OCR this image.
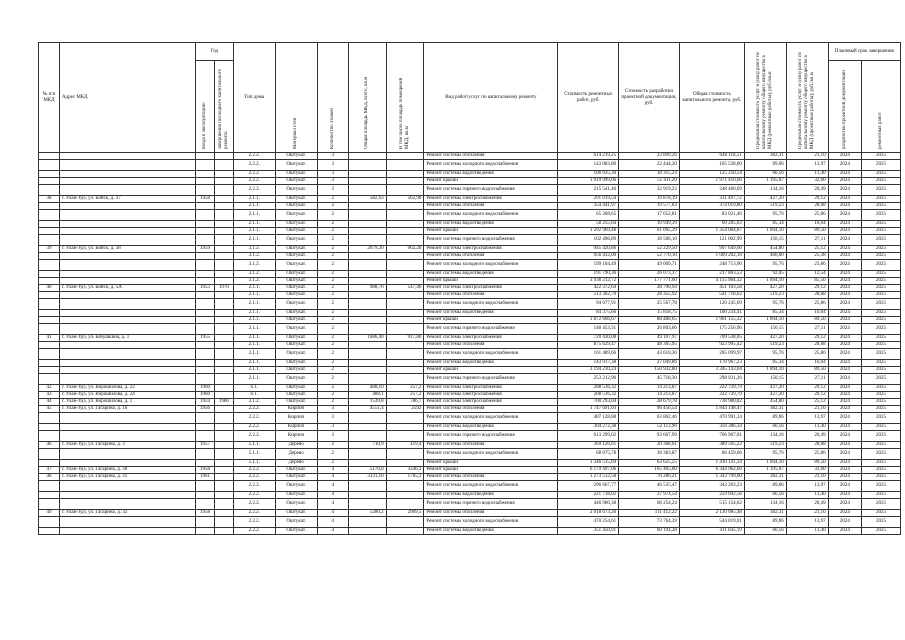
№ п/п МКД	Адрес МКД	Год		Тип дома	Материал стен	Количество этажей	Общая площадь МКД, всего, кв.м	В том числе площадь помещений МКД, кв.м	Вид работ/услуг по капитальному ремонту	Стоимость ремонтных работ, руб.	Стоимость разработки проектной документации, руб.	Общая стоимость капитального ремонта, руб.	Предельная стоимость услуг и (или) работ по капитальному ремонту общего имущества в МКД (ремонтные работы), руб./кв.м	Предельная стоимость услуг и (или) работ по капитальному ремонту общего имущества в МКД (проектные работы), руб./кв.м	Плановый срок завершения	

		ввода в эксплуатацию	завершения последнего капитального ремонта												разработки проектной документации	ремонтных работ

				2.2.2.	Оштукат.	3			Ремонт системы отопления	614 219,25	33 899,26	648 118,51	382,31	21,10	2024	2025
				2.2.2.	Оштукат.	3			Ремонт системы холодного водоснабжения	143 083,80	22 444,20	165 528,00	89,06	13,97	2024	2025
				2.2.2.	Оштукат.	3			Ремонт системы водоотведения	106 935,30	18 315,24	125 250,54	66,56	11,40	2024	2025
				2.2.2.	Оштукат.	3			Ремонт крыши	1 919 999,06	51 411,20	1 971 410,66	1 195,07	32,00	2024	2025
				2.2.2.	Оштукат.	3			Ремонт системы горячего водоснабжения	215 541,46	32 919,23	248 460,69	134,16	20,49	2024	2025
38	г. Улан-Удэ, ул. Бийск, д. 37	1958		2.1.1.	Оштукат.	2	582,63	562,90	Ремонт системы электроснабжения	291 019,54	19 878,19	311 497,72	427,20	29,12	2024	2025
				2.1.1.	Оштукат.	2			Ремонт системы отопления	354 441,97	19 577,83	374 019,80	519,23	28,68	2024	2025
				2.1.1.	Оштукат.	2			Ремонт системы холодного водоснабжения	65 368,65	17 652,81	83 021,46	95,76	25,86	2024	2025
				2.1.1.	Оштукат.	2			Ремонт системы водоотведения	58 255,64	10 949,39	69 205,03	85,34	16,04	2024	2025
				2.1.1.	Оштукат.	2			Ремонт крыши	1 292 969,48	61 095,39	1 354 064,87	1 894,10	89,50	2024	2025
				2.1.1.	Оштукат.	2			Ремонт системы горячего водоснабжения	102 496,89	18 506,10	121 002,99	150,15	27,11	2024	2025
39	г. Улан-Удэ, ул. Бийск, д. 38	1959		3.1.2.	Оштукат.	2	2079,20	962,20	Ремонт системы электроснабжения	945 420,86	52 229,50	997 649,66	454,80	25,12	2024	2025
				3.1.2.	Оштукат.	2			Ремонт системы отопления	956 432,00	52 770,10	1 009 202,10	460,00	25,38	2024	2025
				3.1.2.	Оштукат.	2			Ремонт системы холодного водоснабжения	199 104,49	49 609,71	248 713,90	95,76	23,86	2024	2025
				3.1.2.	Оштукат.	2			Ремонт системы водоотведения	191 790,36	26 073,17	217 863,53	92,05	12,54	2024	2025
				3.1.2.	Оштукат.	2			Ремонт крыши	3 938 212,72	177 771,60	4 115 984,32	1 894,10	85,50	2024	2025
40	г. Улан-Удэ, ул. Бийск, д. 5А	1953	1970	2.1.1.	Оштукат.	2	988,70	547,40	Ремонт системы электроснабжения	422 372,64	28 790,94	451 163,58	427,20	29,12	2024	2025
				2.1.1.	Оштукат.	2			Ремонт системы отопления	513 362,70	28 355,92	541 718,62	519,23	28,68	2024	2025
				2.1.1.	Оштукат.	2			Ремонт системы холодного водоснабжения	94 677,91	25 567,78	120 245,69	95,76	25,86	2024	2025
				2.1.1.	Оштукат.	2			Ремонт системы водоотведения	84 375,66	15 858,75	100 234,41	85,34	16,04	2024	2025
				2.1.1.	Оштукат.	2			Ремонт крыши	1 872 666,67	88 488,65	1 961 155,32	1 894,10	89,50	2024	2025
				2.1.1.	Оштукат.	2			Ремонт системы горячего водоснабжения	148 453,31	26 803,66	175 256,96	150,15	27,11	2024	2025
41	г. Улан-Удэ, ул. Бабушкина, д. 1	1955		2.1.1.	Оштукат.	2	1686,40	917,80	Ремонт системы электроснабжения	720 430,08	49 107,97	769 538,05	427,20	29,12	2024	2025
				2.1.1.	Оштукат.	2			Ремонт системы отопления	875 629,47	48 365,95	923 995,42	519,23	28,68	2024	2025
				2.1.1.	Оштукат.	2			Ремонт системы холодного водоснабжения	161 489,66	43 610,30	205 099,97	95,76	25,86	2024	2025
				2.1.1.	Оштукат.	2			Ремонт системы водоотведения	143 917,38	27 049,86	170 967,23	85,34	16,04	2024	2025
				2.1.1.	Оштукат.	2			Ремонт крыши	3 194 210,24	150 932,80	3 345 143,04	1 894,10	89,50	2024	2025
				2.1.1.	Оштукат.	2			Ремонт системы горячего водоснабжения	253 212,96	45 718,30	298 931,26	150,15	27,11	2024	2025
42	г. Улан-Удэ, ул. Ворошилова, д. 22	1960		6.1.	Оштукат.	2	488,10	257,2	Ремонт системы электроснабжения	208 516,32	14 213,87	222 729,79	427,20	29,12	2024	2025
43	г. Улан-Удэ, ул. Ворошилова, д. 24	1960		6.1.	Оштукат.	2	488,1	257,2	Ремонт системы электроснабжения	208 516,32	14 213,87	222 729,79	427,20	29,12	2024	2025
44	г. Улан-Удэ, ул. Ворошилова, д. 1	1959	1980	3.1.2.	Оштукат.	2	1539,8	786,7	Ремонт системы электроснабжения	700 293,04	38 679,78	738 980,82	454,80	25,12	2024	2025
45	г. Улан-Удэ, ул. Гагарина, д. 16	1956		2.2.2.	Кирпич	3	4551,4	2592	Ремонт системы отопления	1 747 691,03	96 456,54	1 844 148,47	382,31	21,10	2024	2025
				2.2.2.	Кирпич	3			Ремонт системы холодного водоснабжения	407 128,88	63 862,46	470 991,34	89,06	13,97	2024	2025
				2.2.2.	Кирпич	3			Ремонт системы водоотведения	304 272,38	52 113,96	356 386,34	66,56	11,40	2024	2025
				2.2.2.	Кирпич	3			Ремонт системы горячего водоснабжения	613 299,02	93 667,99	706 967,01	134,16	20,49	2024	2025
46	г. Улан-Удэ, ул. Гагарина, д. 3	1957		5.1.1.	Дерево	2	710,9	419,4	Ремонт системы отопления	369 126,61	20 368,61	389 505,22	519,23	28,68	2024	2025
				5.1.1.	Дерево	2			Ремонт системы холодного водоснабжения	68 075,78	18 383,87	86 459,66	95,76	25,86	2024	2025
				5.1.1.	Дерево	2			Ремонт крыши	1 346 515,69	63 625,55	1 410 141,24	1 894,10	89,50	2024	2025
47	г. Улан-Удэ, ул. Гагарина, д. 30	1958		2.2.2.	Оштукат.	4	5170,8	3246,3	Ремонт крыши	6 179 497,06	165 465,60	6 344 962,66	1 195,07	32,00	2024	2025
48	г. Улан-Удэ, ул. Гагарина, д. 31	1961		2.2.2.	Оштукат.	4	3331,10	1785,3	Ремонт системы отопления	1 273 512,58	70 286,21	1 343 799,00	382,31	21,10	2024	2025
				2.2.2.	Оштукат.	4			Ремонт системы холодного водоснабжения	296 667,77	46 535,47	343 203,23	89,06	13,97	2024	2025
				2.2.2.	Оштукат.	4			Ремонт системы водоотведения	221 718,02	37 974,54	259 692,56	66,56	11,40	2024	2025
				2.2.2.	Оштукат.	4			Ремонт системы горячего водоснабжения	446 900,38	68 254,24	515 154,62	134,16	20,49	2024	2025
49	г. Улан-Удэ, ул. Гагарина, д. 32	1958		2.2.2.	Оштукат.	4	5280,2	2909,5	Ремонт системы отопления	2 018 673,26	111 412,22	2 130 085,48	382,31	21,10	2024	2025
				2.2.2.	Оштукат.	4			Ремонт системы холодного водоснабжения	470 254,61	73 764,39	544 019,01	89,06	13,97	2024	2025
				2.2.2.	Оштукат.	4			Ремонт системы водоотведения	351 450,91	60 194,28	411 645,19	66,56	11,40	2024	2025
